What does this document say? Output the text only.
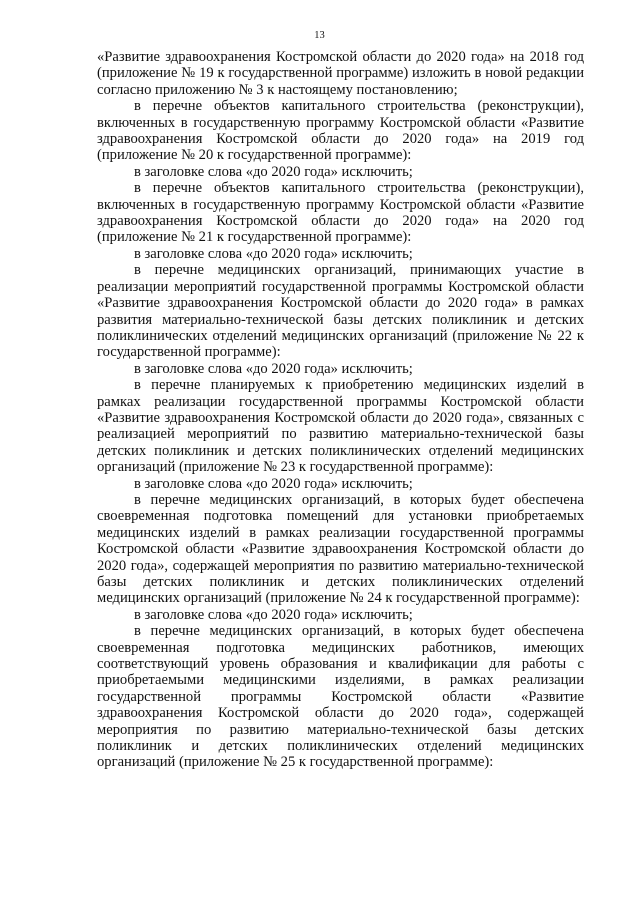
13

«Развитие здравоохранения Костромской области до 2020 года» на 2018 год (приложение № 19 к государственной программе) изложить в новой редакции согласно приложению № 3 к настоящему постановлению;

в перечне объектов капитального строительства (реконструкции), включенных в государственную программу Костромской области «Развитие здравоохранения Костромской области до 2020 года» на 2019 год (приложение № 20 к государственной программе):

в заголовке слова «до 2020 года» исключить;

в перечне объектов капитального строительства (реконструкции), включенных в государственную программу Костромской области «Развитие здравоохранения Костромской области до 2020 года» на 2020 год (приложение № 21 к государственной программе):

в заголовке слова «до 2020 года» исключить;

в перечне медицинских организаций, принимающих участие в реализации мероприятий государственной программы Костромской области «Развитие здравоохранения Костромской области до 2020 года» в рамках развития материально-технической базы детских поликлиник и детских поликлинических отделений медицинских организаций (приложение № 22 к государственной программе):

в заголовке слова «до 2020 года» исключить;

в перечне планируемых к приобретению медицинских изделий в рамках реализации государственной программы Костромской области «Развитие здравоохранения Костромской области до 2020 года», связанных с реализацией мероприятий по развитию материально-технической базы детских поликлиник и детских поликлинических отделений медицинских организаций (приложение № 23 к государственной программе):

в заголовке слова «до 2020 года» исключить;

в перечне медицинских организаций, в которых будет обеспечена своевременная подготовка помещений для установки приобретаемых медицинских изделий в рамках реализации государственной программы Костромской области «Развитие здравоохранения Костромской области до 2020 года», содержащей мероприятия по развитию материально-технической базы детских поликлиник и детских поликлинических отделений медицинских организаций (приложение № 24 к государственной программе):

в заголовке слова «до 2020 года» исключить;

в перечне медицинских организаций, в которых будет обеспечена своевременная подготовка медицинских работников, имеющих соответствующий уровень образования и квалификации для работы с приобретаемыми медицинскими изделиями, в рамках реализации государственной программы Костромской области «Развитие здравоохранения Костромской области до 2020 года», содержащей мероприятия по развитию материально-технической базы детских поликлиник и детских поликлинических отделений медицинских организаций (приложение № 25 к государственной программе):
